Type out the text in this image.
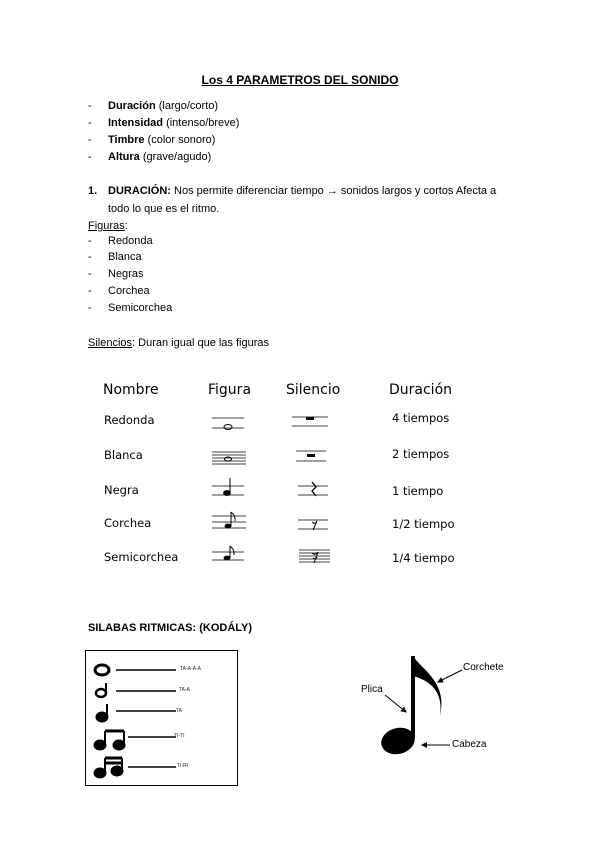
Los 4 PARAMETROS DEL SONIDO
- Duración (largo/corto)
- Intensidad (intenso/breve)
- Timbre (color sonoro)
- Altura (grave/agudo)
1. DURACIÓN: Nos permite diferenciar tiempo → sonidos largos y cortos Afecta a
todo lo que es el ritmo.
Figuras:
- Redonda
- Blanca
- Negras
- Corchea
- Semicorchea
Silencios: Duran igual que las figuras
Nombre	Figura Silencio	Duración
Redonda
Blanca
Negra
Corchea
Semicorchea
4 tiempos
2 tiempos
1 tiempo
1/2 tiempo
1/4 tiempo
SILABAS RITMICAS: (KODÁLY)
TA-A-A-A
TA-A
TA
TI-TI
TI-RI
Plica
Corchete
Cabeza
